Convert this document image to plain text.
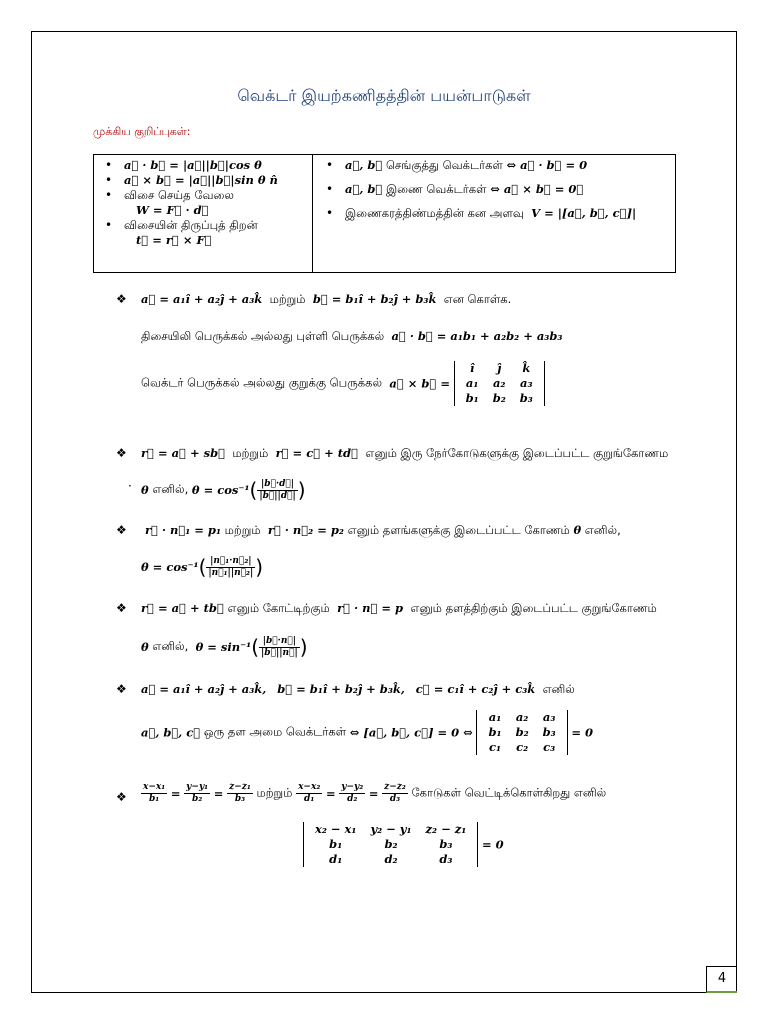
வெக்டர் இயற்கணிதத்தின் பயன்பாடுகள்
முக்கிய குறிப்புகள்:
• a⃗ · b⃗ = |a⃗||b⃗|cos θ
• a⃗ × b⃗ = |a⃗||b⃗|sin θ n̂
• விசை செய்த வேலை
W = F⃗ · d⃗
• விசையின் திருப்புத் திறன்
t⃗ = r⃗ × F⃗
• a⃗, b⃗ செங்குத்து வெக்டர்கள் ⇔ a⃗ · b⃗ = 0
• a⃗, b⃗ இணை வெக்டர்கள் ⇔ a⃗ × b⃗ = 0⃗
• இணைகரத்திண்மத்தின் கன அளவு V = |[a⃗, b⃗, c⃗]|
❖ a⃗ = a₁î + a₂ĵ + a₃k̂ மற்றும் b⃗ = b₁î + b₂ĵ + b₃k̂ என கொள்க.
திசையிலி பெருக்கல் அல்லது புள்ளி பெருக்கல் a⃗ · b⃗ = a₁b₁ + a₂b₂ + a₃b₃
வெக்டர் பெருக்கல் அல்லது குறுக்கு பெருக்கல் a⃗ × b⃗ =
î	ĵ	k̂
a₁	a₂	a₃
b₁	b₂	b₃
❖ r⃗ = a⃗ + sb⃗ மற்றும் r⃗ = c⃗ + td⃗ எனும் இரு நேர்கோடுகளுக்கு இடைப்பட்ட குறுங்கோணம
· θ எனில், $\theta = \cos^{-1}( \frac{|b⃗\cdot d⃗|}{|b⃗||d⃗|}$ )
❖ r⃗ · n⃗₁ = p₁ மற்றும் r⃗ · n⃗₂ = p₂ எனும் தளங்களுக்கு இடைப்பட்ட கோணம் θ எனில்,
$\theta = \cos^{-1}( \frac{\text{|n⃗₁·n⃗₂|}}{\text{|n⃗₁||n⃗₂|}}$ )
❖ r⃗ = a⃗ + tb⃗ எனும் கோட்டிற்கும் r⃗ · n⃗ = p எனும் தளத்திற்கும் இடைப்பட்ட குறுங்கோணம்
θ எனில், $\theta = \sin^{-1}( \frac{|b⃗\cdot n⃗|}{|b⃗||n⃗|}$ )
❖ a⃗ = a₁î + a₂ĵ + a₃k̂, b⃗ = b₁î + b₂ĵ + b₃k̂, c⃗ = c₁î + c₂ĵ + c₃k̂ எனில்
a⃗, b⃗, c⃗ ஒரு தள அமை வெக்டர்கள் ⇔ [a⃗, b⃗, c⃗] = 0 ⇔
a₁	a₂	a₃
b₁	b₂	b₃
c₁	c₂	c₃
= 0
❖ $\frac{\text{x−x₁}}{\text{b₁}} = \frac{\text{y−y₁}}{\text{b₂}} = \frac{\text{z−z₁}}{\text{b₃}}$ மற்றும் $\frac{\text{x−x₂}}{\text{d₁}} = \frac{\text{y−y₂}}{\text{d₂}} = \frac{\text{z−z₂}}{\text{d₃}}$ கோடுகள் வெட்டிக்கொள்கிறது எனில்
x₂ − x₁	y₂ − y₁	z₂ − z₁
b₁	b₂	b₃
d₁	d₂	d₃
= 0
4
